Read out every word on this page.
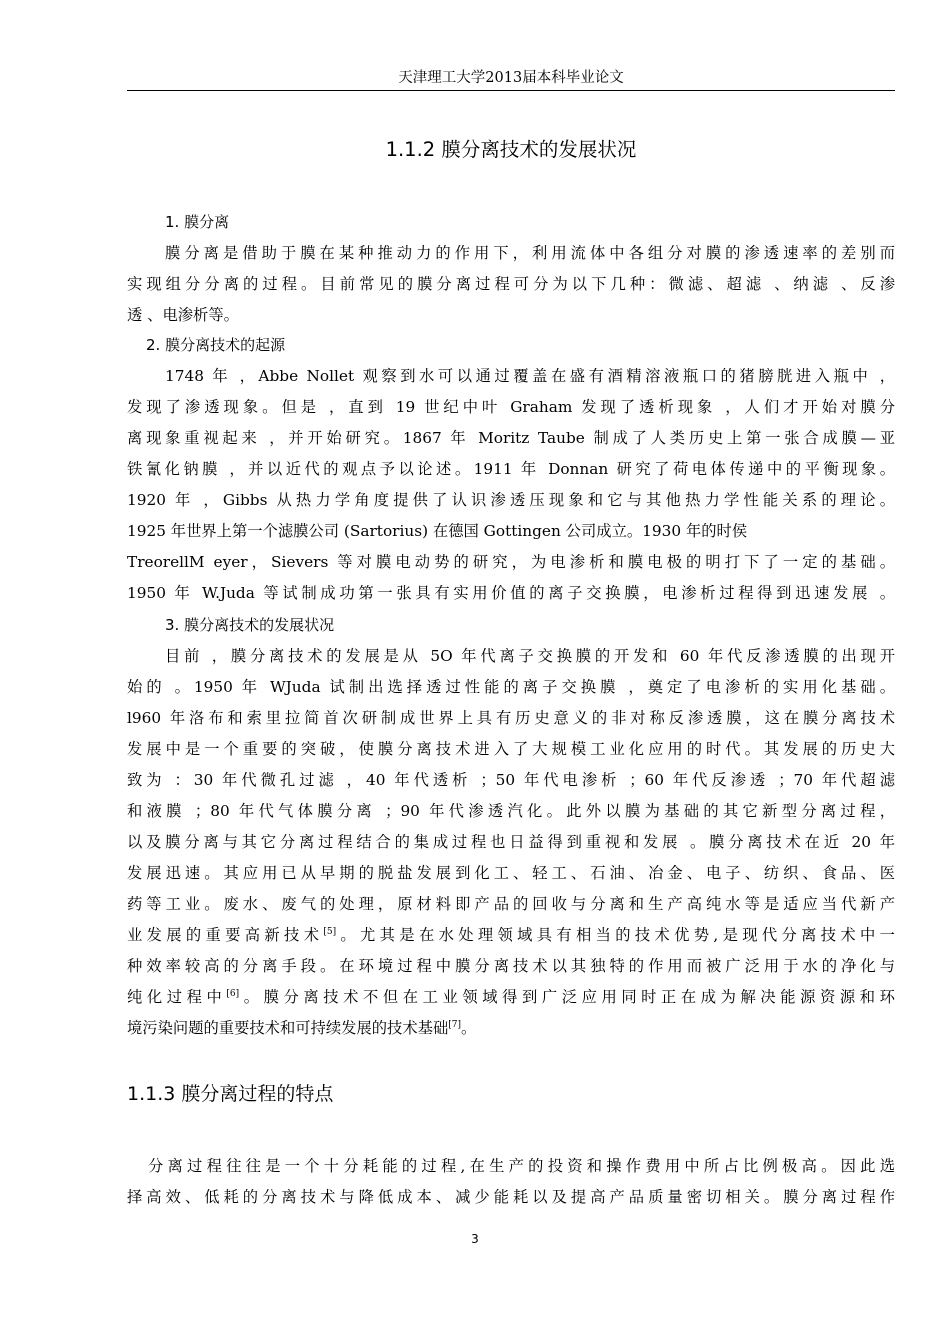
天津理工大学2013届本科毕业论文
1.1.2 膜分离技术的发展状况
1. 膜分离
膜分离是借助于膜在某种推动力的作用下，利用流体中各组分对膜的渗透速率的差别而
实现组分分离的过程。目前常见的膜分离过程可分为以下几种：微滤、超滤 、纳滤 、反渗
透 、电渗析等。
2. 膜分离技术的起源
1748 年 ，Abbe Nollet 观察到水可以通过覆盖在盛有酒精溶液瓶口的猪膀胱进入瓶中 ，
发现了渗透现象。但是 ，直到 19 世纪中叶 Graham 发现了透析现象 ，人们才开始对膜分
离现象重视起来 ，并开始研究。1867 年 Moritz Taube 制成了人类历史上第一张合成膜—亚
铁氰化钠膜 ，并以近代的观点予以论述。1911 年 Donnan 研究了荷电体传递中的平衡现象。
1920 年 ，Gibbs 从热力学角度提供了认识渗透压现象和它与其他热力学性能关系的理论。
1925 年世界上第一个滤膜公司 (Sartorius) 在德国 Gottingen 公司成立。1930 年的时侯
TreorellM eyer，Sievers 等对膜电动势的研究，为电渗析和膜电极的明打下了一定的基础。
1950 年 W.Juda 等试制成功第一张具有实用价值的离子交换膜，电渗析过程得到迅速发展 。
3. 膜分离技术的发展状况
目前 ，膜分离技术的发展是从 5O 年代离子交换膜的开发和 60 年代反渗透膜的出现开
始的 。1950 年 WJuda 试制出选择透过性能的离子交换膜 ，奠定了电渗析的实用化基础。
l960 年洛布和索里拉简首次研制成世界上具有历史意义的非对称反渗透膜，这在膜分离技术
发展中是一个重要的突破，使膜分离技术进入了大规模工业化应用的时代。其发展的历史大
致为 ：30 年代微孔过滤 ，40 年代透析 ；50 年代电渗析 ；60 年代反渗透 ；70 年代超滤
和液膜 ；80 年代气体膜分离 ；90 年代渗透汽化。此外以膜为基础的其它新型分离过程，
以及膜分离与其它分离过程结合的集成过程也日益得到重视和发展 。膜分离技术在近 20 年
发展迅速。其应用已从早期的脱盐发展到化工、轻工、石油、冶金、电子、纺织、食品、医
药等工业。废水、废气的处理，原材料即产品的回收与分离和生产高纯水等是适应当代新产
业发展的重要高新技术[5]。尤其是在水处理领域具有相当的技术优势,是现代分离技术中一
种效率较高的分离手段。在环境过程中膜分离技术以其独特的作用而被广泛用于水的净化与
纯化过程中[6]。膜分离技术不但在工业领域得到广泛应用同时正在成为解决能源资源和环
境污染问题的重要技术和可持续发展的技术基础[7]。
1.1.3 膜分离过程的特点
分离过程往往是一个十分耗能的过程,在生产的投资和操作费用中所占比例极高。因此选
择高效、低耗的分离技术与降低成本、减少能耗以及提高产品质量密切相关。膜分离过程作
3
